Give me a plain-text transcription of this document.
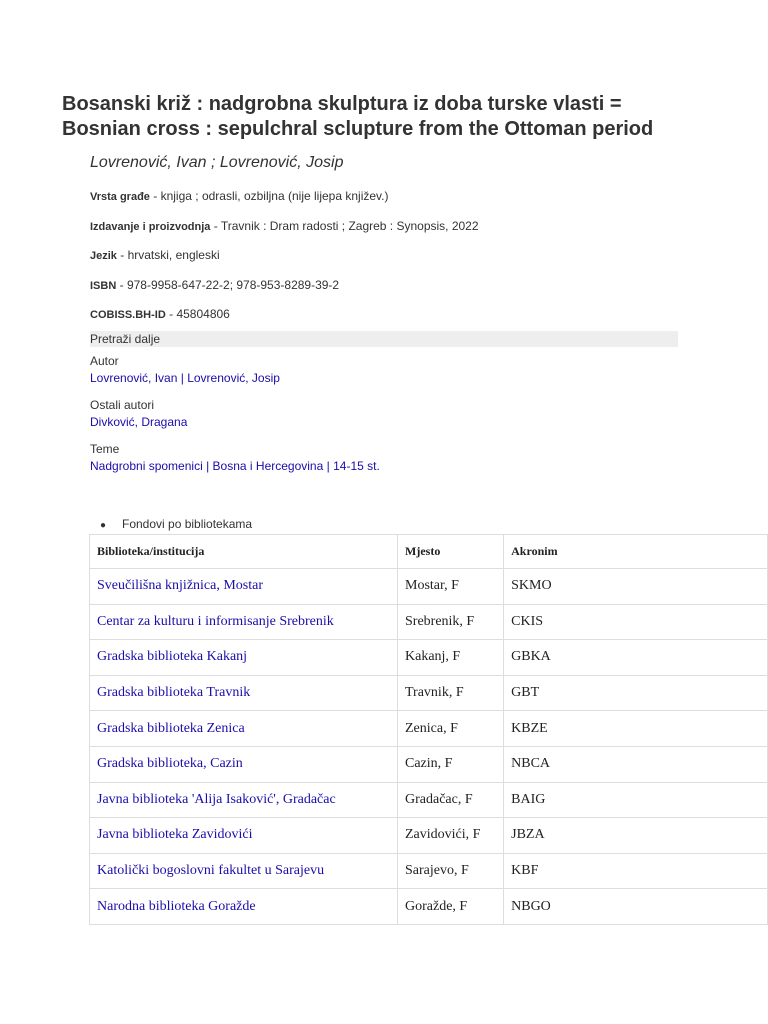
Bosanski križ : nadgrobna skulptura iz doba turske vlasti =
Bosnian cross : sepulchral sclupture from the Ottoman period
Lovrenović, Ivan ; Lovrenović, Josip
Vrsta građe - knjiga ; odrasli, ozbiljna (nije lijepa književ.)
Izdavanje i proizvodnja - Travnik : Dram radosti ; Zagreb : Synopsis, 2022
Jezik - hrvatski, engleski
ISBN - 978-9958-647-22-2; 978-953-8289-39-2
COBISS.BH-ID - 45804806
Pretraži dalje
Autor
Lovrenović, Ivan | Lovrenović, Josip
Ostali autori
Divković, Dragana
Teme
Nadgrobni spomenici | Bosna i Hercegovina | 14-15 st.
● Fondovi po bibliotekama
Biblioteka/institucija	Mjesto	Akronim
Sveučilišna knjižnica, Mostar	Mostar, F	SKMO
Centar za kulturu i informisanje Srebrenik	Srebrenik, F	CKIS
Gradska biblioteka Kakanj	Kakanj, F	GBKA
Gradska biblioteka Travnik	Travnik, F	GBT
Gradska biblioteka Zenica	Zenica, F	KBZE
Gradska biblioteka, Cazin	Cazin, F	NBCA
Javna biblioteka 'Alija Isaković', Gradačac	Gradačac, F	BAIG
Javna biblioteka Zavidovići	Zavidovići, F	JBZA
Katolički bogoslovni fakultet u Sarajevu	Sarajevo, F	KBF
Narodna biblioteka Goražde	Goražde, F	NBGO
